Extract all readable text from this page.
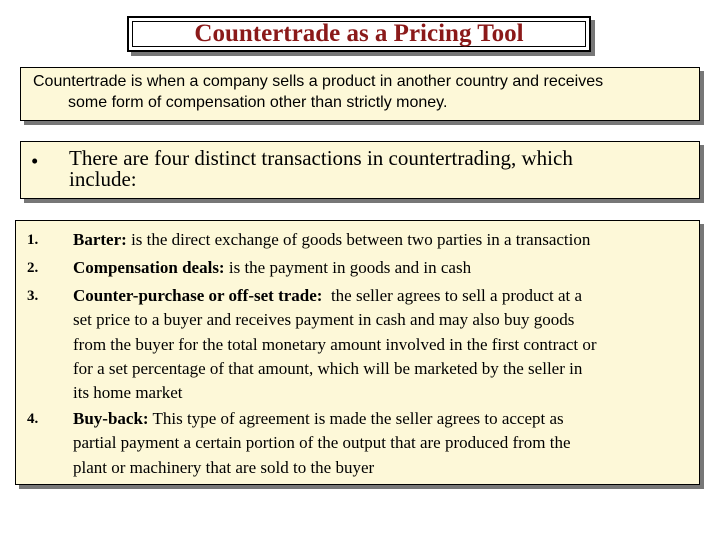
Countertrade as a Pricing Tool
Countertrade is when a company sells a product in another country and receives
some form of compensation other than strictly money.
• There are four distinct transactions in countertrading, which
include:
1. Barter: is the direct exchange of goods between two parties in a transaction
2. Compensation deals: is the payment in goods and in cash
3. Counter-purchase or off-set trade: the seller agrees to sell a product at a
set price to a buyer and receives payment in cash and may also buy goods
from the buyer for the total monetary amount involved in the first contract or
for a set percentage of that amount, which will be marketed by the seller in
its home market
4. Buy-back: This type of agreement is made the seller agrees to accept as
partial payment a certain portion of the output that are produced from the
plant or machinery that are sold to the buyer
